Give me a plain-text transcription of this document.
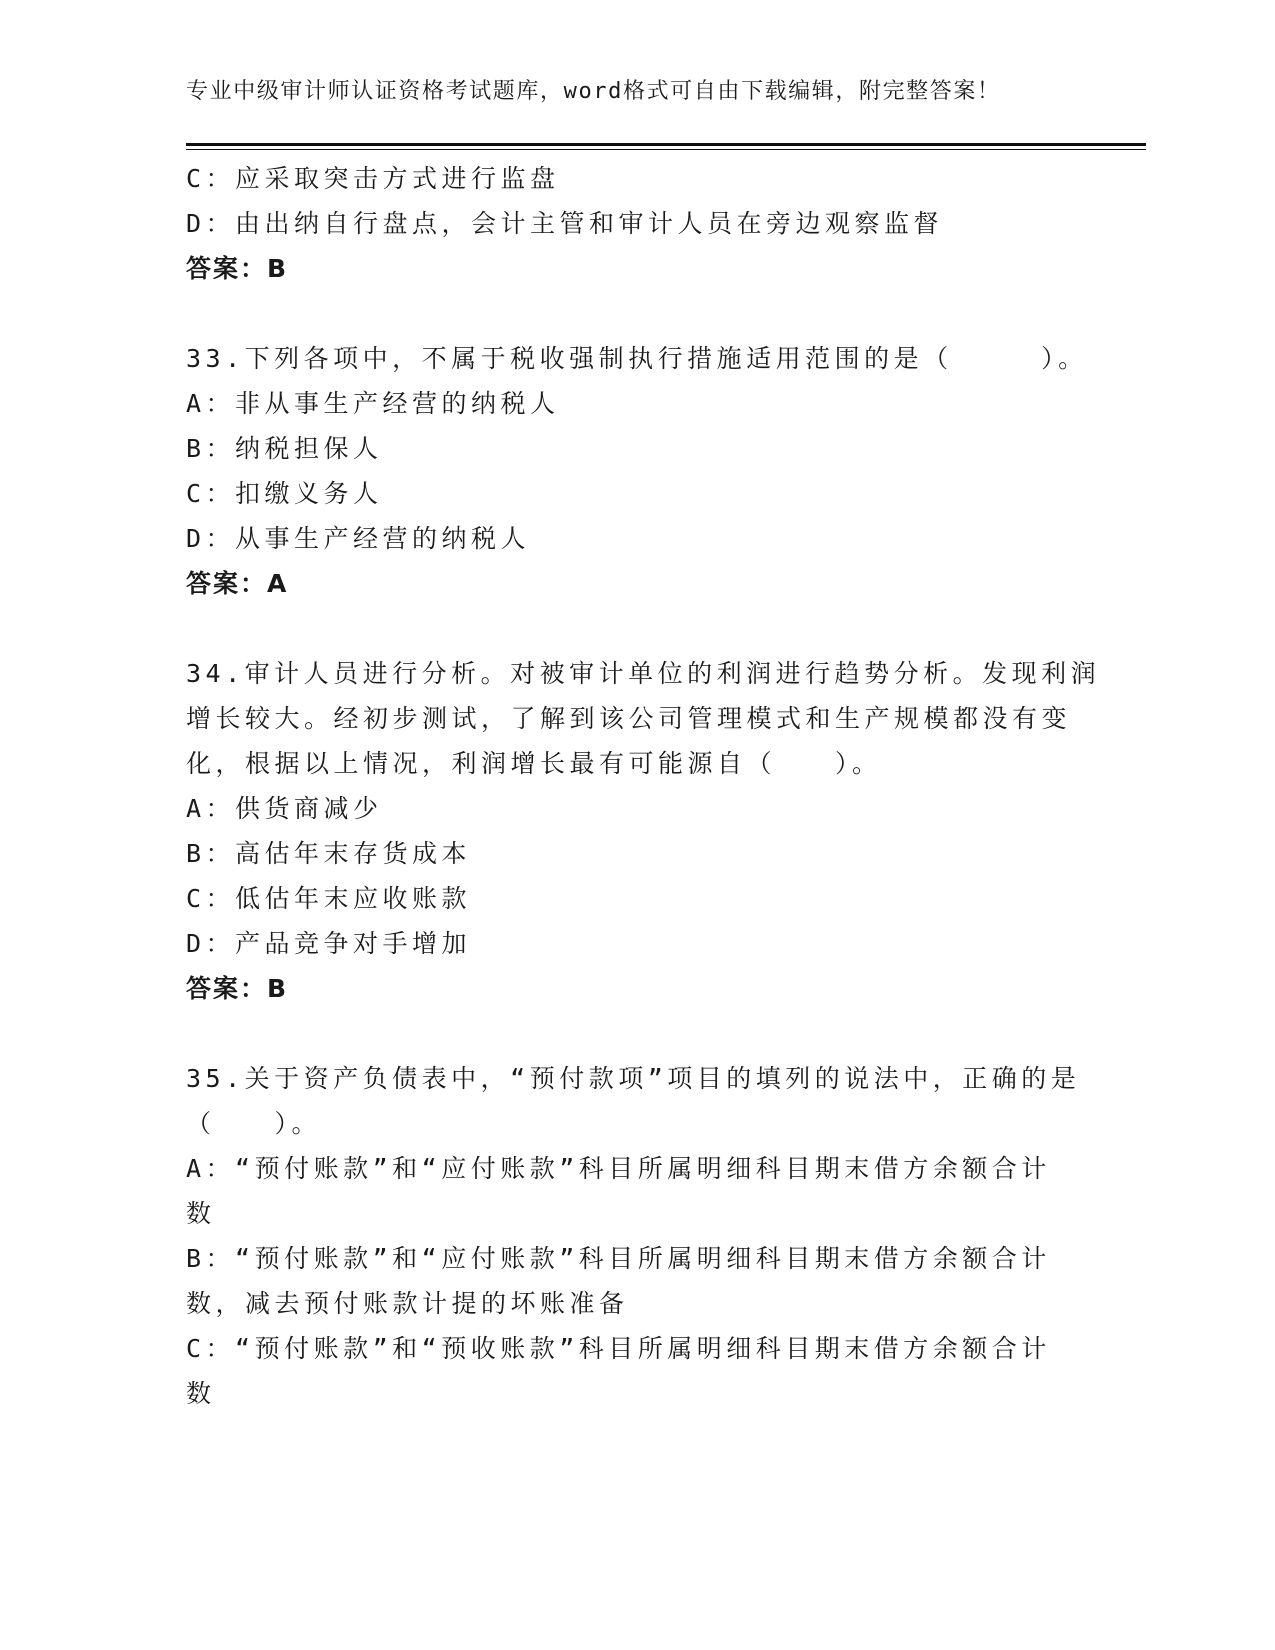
专业中级审计师认证资格考试题库，word格式可自由下载编辑，附完整答案！
C：应采取突击方式进行监盘
D：由出纳自行盘点，会计主管和审计人员在旁边观察监督
答案：B
33.下列各项中，不属于税收强制执行措施适用范围的是（　　　）。
A：非从事生产经营的纳税人
B：纳税担保人
C：扣缴义务人
D：从事生产经营的纳税人
答案：A
34.审计人员进行分析。对被审计单位的利润进行趋势分析。发现利润
增长较大。经初步测试，了解到该公司管理模式和生产规模都没有变
化，根据以上情况，利润增长最有可能源自（　　）。
A：供货商减少
B：高估年末存货成本
C：低估年末应收账款
D：产品竞争对手增加
答案：B
35.关于资产负债表中，“预付款项”项目的填列的说法中，正确的是
（　　）。
A：“预付账款”和“应付账款”科目所属明细科目期末借方余额合计
数
B：“预付账款”和“应付账款”科目所属明细科目期末借方余额合计
数，减去预付账款计提的坏账准备
C：“预付账款”和“预收账款”科目所属明细科目期末借方余额合计
数
